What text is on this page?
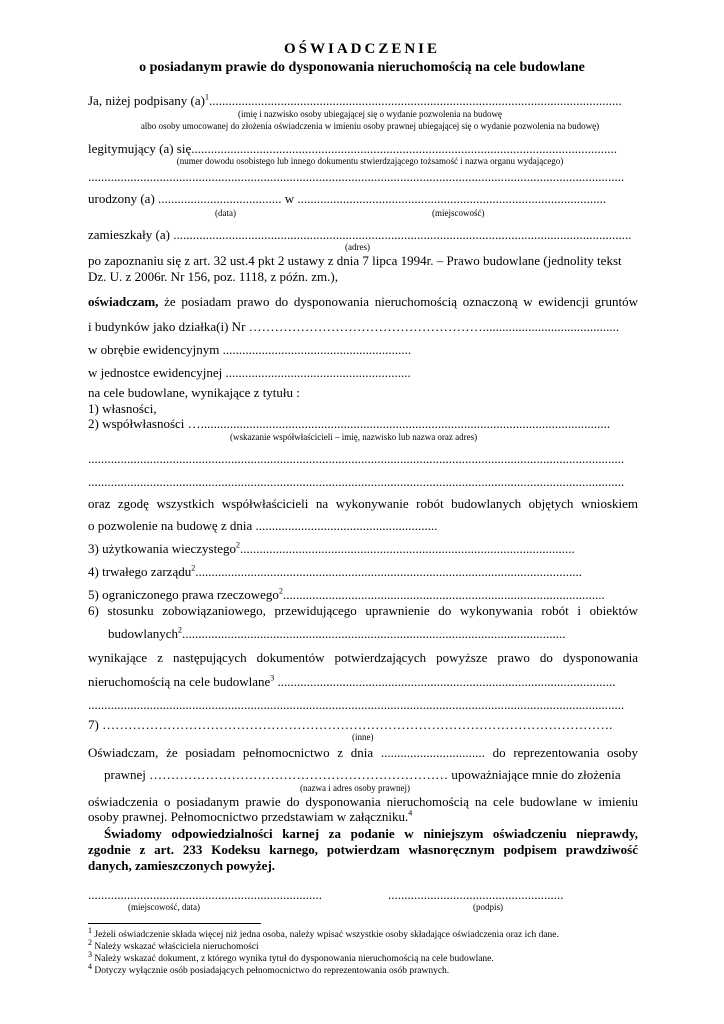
OŚWIADCZENIE
o posiadanym prawie do dysponowania nieruchomością na cele budowlane
Ja, niżej podpisany $(a)^1$...............................................................................................................................
(imię i nazwisko osoby ubiegającej się o wydanie pozwolenia na budowę
albo osoby umocowanej do złożenia oświadczenia w imieniu osoby prawnej ubiegającej się o wydanie pozwolenia na budowę)
legitymujący (a) się...................................................................................................................................
(numer dowodu osobistego lub innego dokumentu stwierdzającego tożsamość i nazwa organu wydającego)
.....................................................................................................................................................................
urodzony (a) ...................................... w ...............................................................................................
(data)	(miejscowość)
zamieszkały (a) .............................................................................................................................................
(adres)
po zapoznaniu się z art. 32 ust.4 pkt 2 ustawy z dnia 7 lipca 1994r. – Prawo budowlane (jednolity tekst
Dz. U. z 2006r. Nr 156, poz. 1118, z późn. zm.),
oświadczam, że posiadam prawo do dysponowania nieruchomością oznaczoną w ewidencji gruntów
i budynków jako działka(i) Nr ………………………………………………..........................................
w obrębie ewidencyjnym ..........................................................
w jednostce ewidencyjnej .........................................................
na cele budowlane, wynikające z tytułu :
1) własności,
2) współwłasności …..............................................................................................................................
(wskazanie współwłaścicieli – imię, nazwisko lub nazwa oraz adres)
.....................................................................................................................................................................
.....................................................................................................................................................................
oraz zgodę wszystkich współwłaścicieli na wykonywanie robót budowlanych objętych wnioskiem
o pozwolenie na budowę z dnia ........................................................
3) użytkowania wieczystego$^2$.......................................................................................................
4) trwałego zarządu$^2$.......................................................................................................................
5) ograniczonego prawa rzeczowego$^2$...................................................................................................
6) stosunku zobowiązaniowego, przewidującego uprawnienie do wykonywania robót i obiektów
budowlanych$^2$......................................................................................................................
wynikające z następujących dokumentów potwierdzających powyższe prawo do dysponowania
nieruchomością na cele budowlane$^3$ ........................................................................................................
.....................................................................................................................................................................
7) ……………………………………………………………………………………………………….
(inne)
Oświadczam, że posiadam pełnomocnictwo z dnia ................................ do reprezentowania osoby
prawnej …………………………………………………………… upoważniające mnie do złożenia
(nazwa i adres osoby prawnej)
oświadczenia o posiadanym prawie do dysponowania nieruchomością na cele budowlane w imieniu
osoby prawnej. Pełnomocnictwo przedstawiam w załączniku.$^4$
Świadomy odpowiedzialności karnej za podanie w niniejszym oświadczeniu nieprawdy,
zgodnie z art. 233 Kodeksu karnego, potwierdzam własnoręcznym podpisem prawdziwość
danych, zamieszczonych powyżej.
........................................................................
(miejscowość, data)
......................................................
(podpis)
$^1$ Jeżeli oświadczenie składa więcej niż jedna osoba, należy wpisać wszystkie osoby składające oświadczenia oraz ich dane.
$^2$ Należy wskazać właściciela nieruchomości
$^3$ Należy wskazać dokument, z którego wynika tytuł do dysponowania nieruchomością na cele budowlane.
$^4$ Dotyczy wyłącznie osób posiadających pełnomocnictwo do reprezentowania osób prawnych.
